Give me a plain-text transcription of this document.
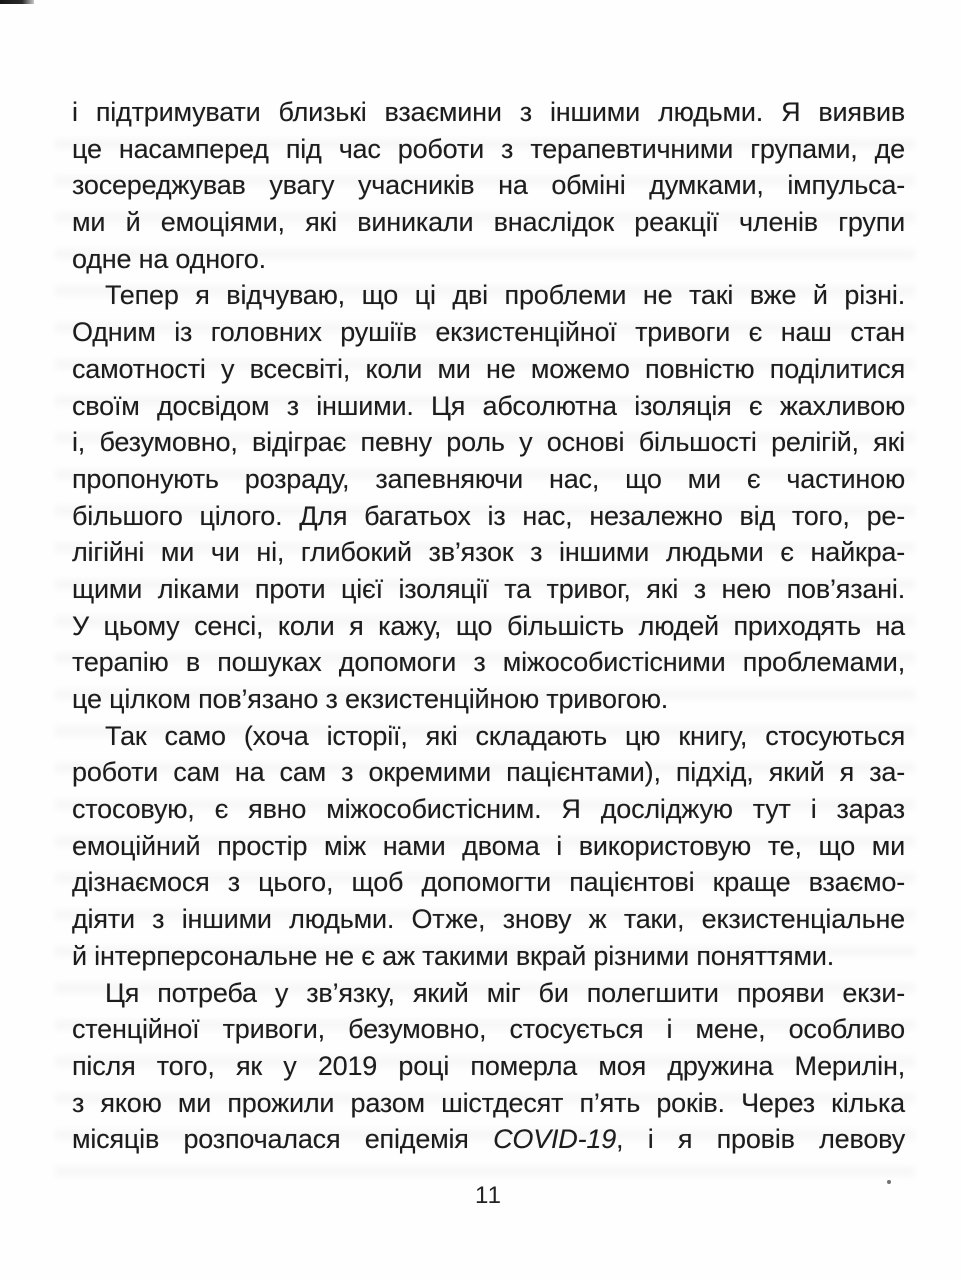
і підтримувати близькі взаємини з іншими людьми. Я виявив
це насамперед під час роботи з терапевтичними групами, де
зосереджував увагу учасників на обміні думками, імпульса-
ми й емоціями, які виникали внаслідок реакції членів групи
одне на одного.
Тепер я відчуваю, що ці дві проблеми не такі вже й різні.
Одним із головних рушіїв екзистенційної тривоги є наш стан
самотності у всесвіті, коли ми не можемо повністю поділитися
своїм досвідом з іншими. Ця абсолютна ізоляція є жахливою
і, безумовно, відіграє певну роль у основі більшості релігій, які
пропонують розраду, запевняючи нас, що ми є частиною
більшого цілого. Для багатьох із нас, незалежно від того, ре-
лігійні ми чи ні, глибокий зв’язок з іншими людьми є найкра-
щими ліками проти цієї ізоляції та тривог, які з нею пов’язані.
У цьому сенсі, коли я кажу, що більшість людей приходять на
терапію в пошуках допомоги з міжособистісними проблемами,
це цілком пов’язано з екзистенційною тривогою.
Так само (хоча історії, які складають цю книгу, стосуються
роботи сам на сам з окремими пацієнтами), підхід, який я за-
стосовую, є явно міжособистісним. Я досліджую тут і зараз
емоційний простір між нами двома і використовую те, що ми
дізнаємося з цього, щоб допомогти пацієнтові краще взаємо-
діяти з іншими людьми. Отже, знову ж таки, екзистенціальне
й інтерперсональне не є аж такими вкрай різними поняттями.
Ця потреба у зв’язку, який міг би полегшити прояви екзи-
стенційної тривоги, безумовно, стосується і мене, особливо
після того, як у 2019 році померла моя дружина Мерилін,
з якою ми прожили разом шістдесят п’ять років. Через кілька
місяців розпочалася епідемія COVID-19, і я провів левову
11
